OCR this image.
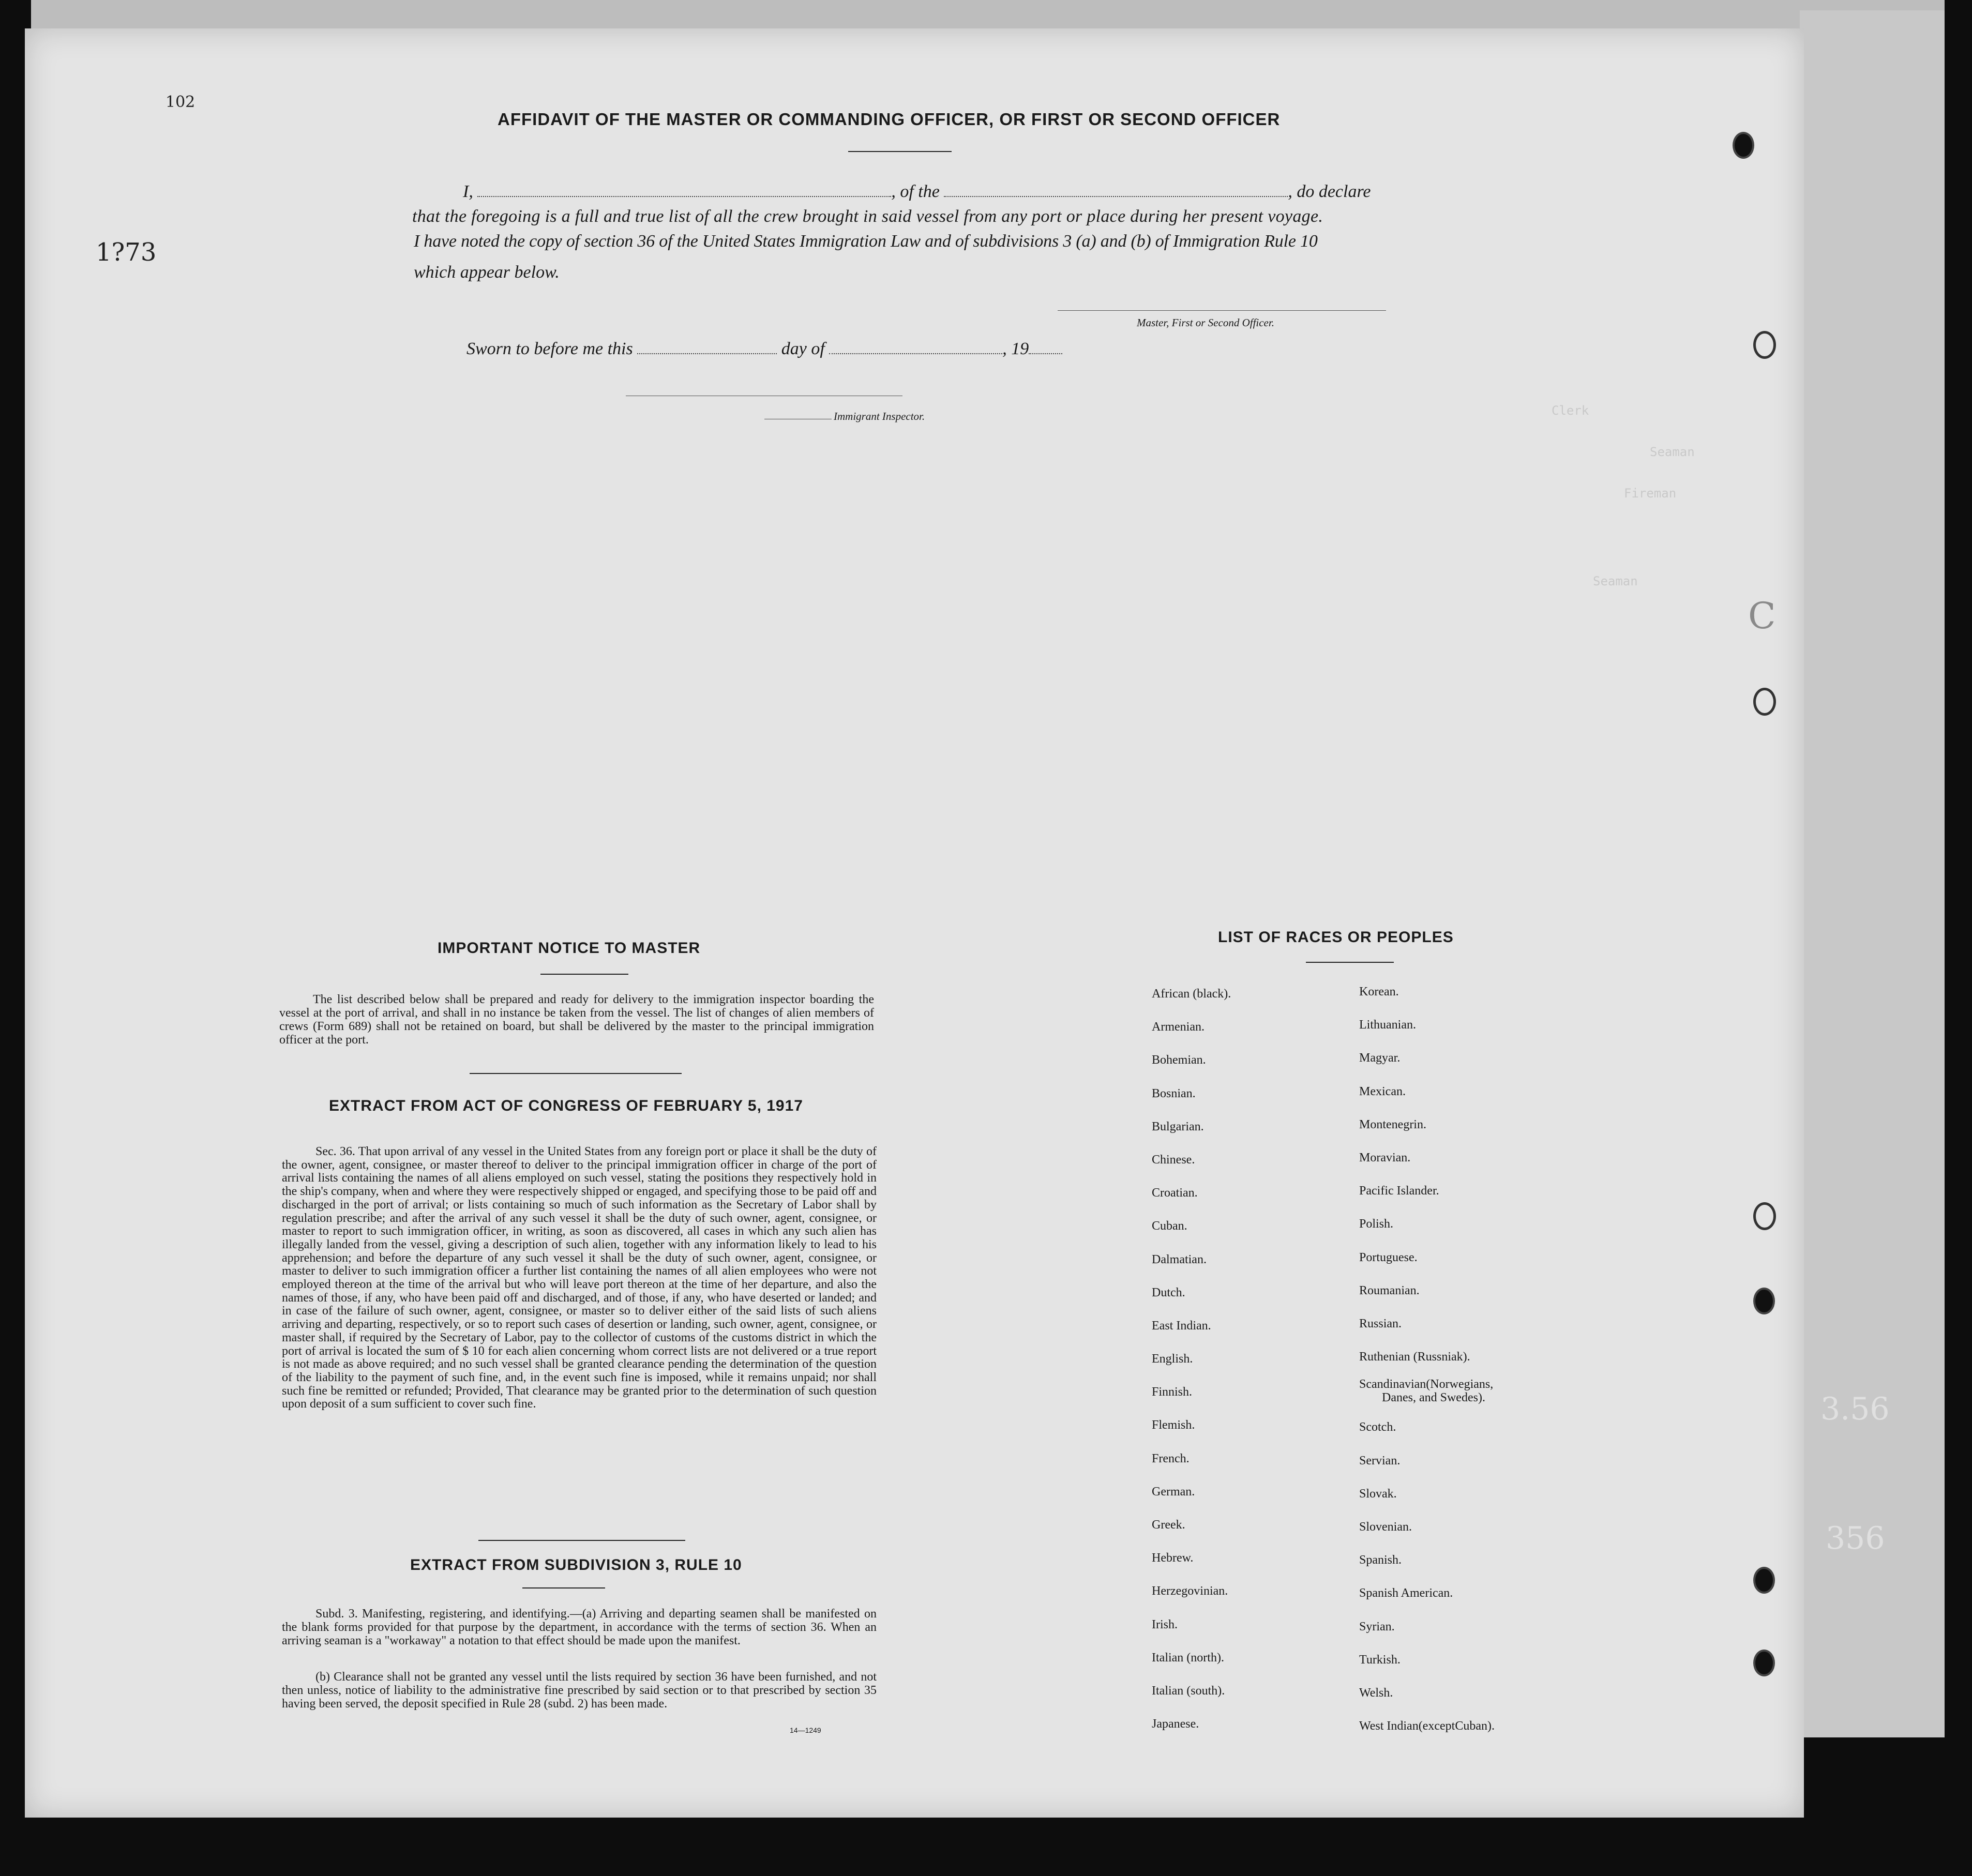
102
1?73
3.56
356
C
AFFIDAVIT OF THE MASTER OR COMMANDING OFFICER, OR FIRST OR SECOND OFFICER
I,	, of the	, do declare
that the foregoing is a full and true list of all the crew brought in said vessel from any port or place during her present voyage.
I have noted the copy of section 36 of the United States Immigration Law and of subdivisions 3 (a) and (b) of Immigration Rule 10
which appear below.
Master, First or Second Officer.
Sworn to before me this	day of	, 19
Immigrant Inspector.	Clerk
Seaman
Fireman
Seaman
IMPORTANT NOTICE TO MASTER
The list described below shall be prepared and ready for delivery to the immigration inspector boarding the vessel at the port of arrival, and shall in no instance be taken from the vessel. The list of changes of alien members of crews (Form 689) shall not be retained on board, but shall be delivered by the master to the principal immigration officer at the port.
EXTRACT FROM ACT OF CONGRESS OF FEBRUARY 5, 1917
Sec. 36. That upon arrival of any vessel in the United States from any foreign port or place it shall be the duty of the owner, agent, consignee, or master thereof to deliver to the principal immigration officer in charge of the port of arrival lists containing the names of all aliens employed on such vessel, stating the positions they respectively hold in the ship's company, when and where they were respectively shipped or engaged, and specifying those to be paid off and discharged in the port of arrival; or lists containing so much of such information as the Secretary of Labor shall by regulation prescribe; and after the arrival of any such vessel it shall be the duty of such owner, agent, consignee, or master to report to such immigration officer, in writing, as soon as discovered, all cases in which any such alien has illegally landed from the vessel, giving a description of such alien, together with any information likely to lead to his apprehension; and before the departure of any such vessel it shall be the duty of such owner, agent, consignee, or master to deliver to such immigration officer a further list containing the names of all alien employees who were not employed thereon at the time of the arrival but who will leave port thereon at the time of her departure, and also the names of those, if any, who have been paid off and discharged, and of those, if any, who have deserted or landed; and in case of the failure of such owner, agent, consignee, or master so to deliver either of the said lists of such aliens arriving and departing, respectively, or so to report such cases of desertion or landing, such owner, agent, consignee, or master shall, if required by the Secretary of Labor, pay to the collector of customs of the customs district in which the port of arrival is located the sum of $ 10 for each alien concerning whom correct lists are not delivered or a true report is not made as above required; and no such vessel shall be granted clearance pending the determination of the question of the liability to the payment of such fine, and, in the event such fine is imposed, while it remains unpaid; nor shall such fine be remitted or refunded; Provided, That clearance may be granted prior to the determination of such question upon deposit of a sum sufficient to cover such fine.
EXTRACT FROM SUBDIVISION 3, RULE 10
Subd. 3. Manifesting, registering, and identifying.—(a) Arriving and departing seamen shall be manifested on the blank forms provided for that purpose by the department, in accordance with the terms of section 36. When an arriving seaman is a "workaway" a notation to that effect should be made upon the manifest.
(b) Clearance shall not be granted any vessel until the lists required by section 36 have been furnished, and not then unless, notice of liability to the administrative fine prescribed by said section or to that prescribed by section 35 having been served, the deposit specified in Rule 28 (subd. 2) has been made.
14—1249
LIST OF RACES OR PEOPLES
African (black).
Armenian.
Bohemian.
Bosnian.
Bulgarian.
Chinese.
Croatian.
Cuban.
Dalmatian.
Dutch.
East Indian.
English.
Finnish.
Flemish.
French.
German.
Greek.
Hebrew.
Herzegovinian.
Irish.
Italian (north).
Italian (south).
Japanese.
Korean.
Lithuanian.
Magyar.
Mexican.
Montenegrin.
Moravian.
Pacific Islander.
Polish.
Portuguese.
Roumanian.
Russian.
Ruthenian (Russniak).
Scandinavian(Norwegians,
Danes, and Swedes).
Scotch.
Servian.
Slovak.
Slovenian.
Spanish.
Spanish American.
Syrian.
Turkish.
Welsh.
West Indian(exceptCuban).
